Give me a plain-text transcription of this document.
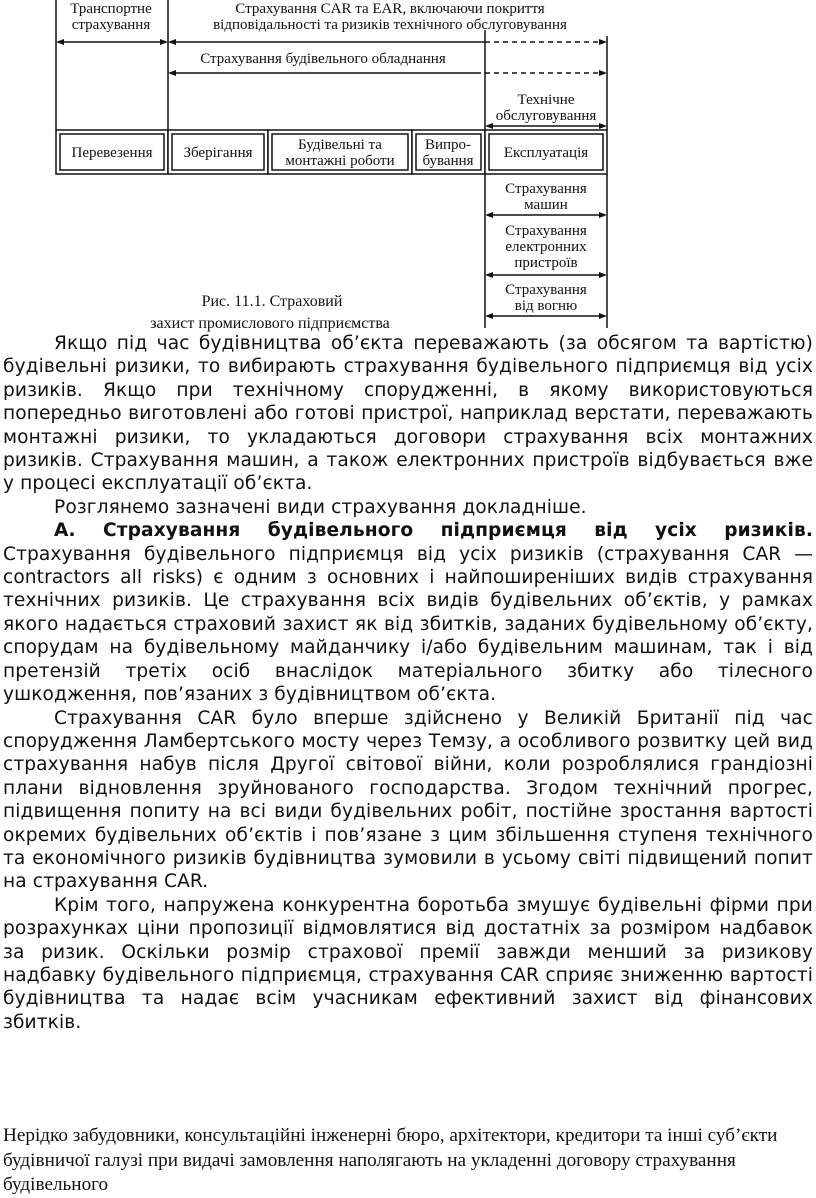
Транспортне
страхування
Страхування CAR та EAR, включаючи покриття
відповідальності та ризиків технічного обслуговування
Страхування будівельного обладнання
Технічне
обслуговування
Перевезення Зберігання	Будівельні та
монтажні роботи
Випро-
бування Експлуатація
Страхування
машин
Страхування
електронних
пристроїв
Страхування
від вогню
Рис. 11.1. Страховий
захист промислового підприємства

Якщо під час будівництва об’єкта переважають (за обсягом та вартістю) будівельні ризики, то вибирають страхування будівельного підприємця від усіх ризиків. Якщо при технічному спорудженні, в якому використовуються попередньо виготовлені або готові пристрої, наприклад верстати, переважають монтажні ризики, то укладаються договори страхування всіх монтажних ризиків. Страхування машин, а також електронних пристроїв відбувається вже у процесі експлуатації об’єкта.

Розглянемо зазначені види страхування докладніше.

А. Страхування будівельного підприємця від усіх ризиків. Страхування будівельного підприємця від усіх ризиків (страхування CAR — contractors all risks) є одним з основних і найпоширеніших видів страхування технічних ризиків. Це страхування всіх видів будівельних об’єктів, у рамках якого надається страховий захист як від збитків, заданих будівельному об’єкту, спорудам на будівельному майданчику і/або будівельним машинам, так і від претензій третіх осіб внаслідок матеріального збитку або тілесного ушкодження, пов’язаних з будівництвом об’єкта.

Страхування CAR було вперше здійснено у Великій Британії під час спорудження Ламбертського мосту через Темзу, а особливого розвитку цей вид страхування набув після Другої світової війни, коли розроблялися грандіозні плани відновлення зруйнованого господарства. Згодом технічний прогрес, підвищення попиту на всі види будівельних робіт, постійне зростання вартості окремих будівельних об’єктів і пов’язане з цим збільшення ступеня технічного та економічного ризиків будівництва зумовили в усьому світі підвищений попит на страхування CAR.

Крім того, напружена конкурентна боротьба змушує будівельні фірми при розрахунках ціни пропозиції відмовлятися від достатніх за розміром надбавок за ризик. Оскільки розмір страхової премії завжди менший за ризикову надбавку будівельного підприємця, страхування CAR сприяє зниженню вартості будівництва та надає всім учасникам ефективний захист від фінансових збитків.

Нерідко забудовники, консультаційні інженерні бюро, архітектори, кредитори та інші суб’єкти будівничої галузі при видачі замовлення наполягають на укладенні договору страхування будівельного
